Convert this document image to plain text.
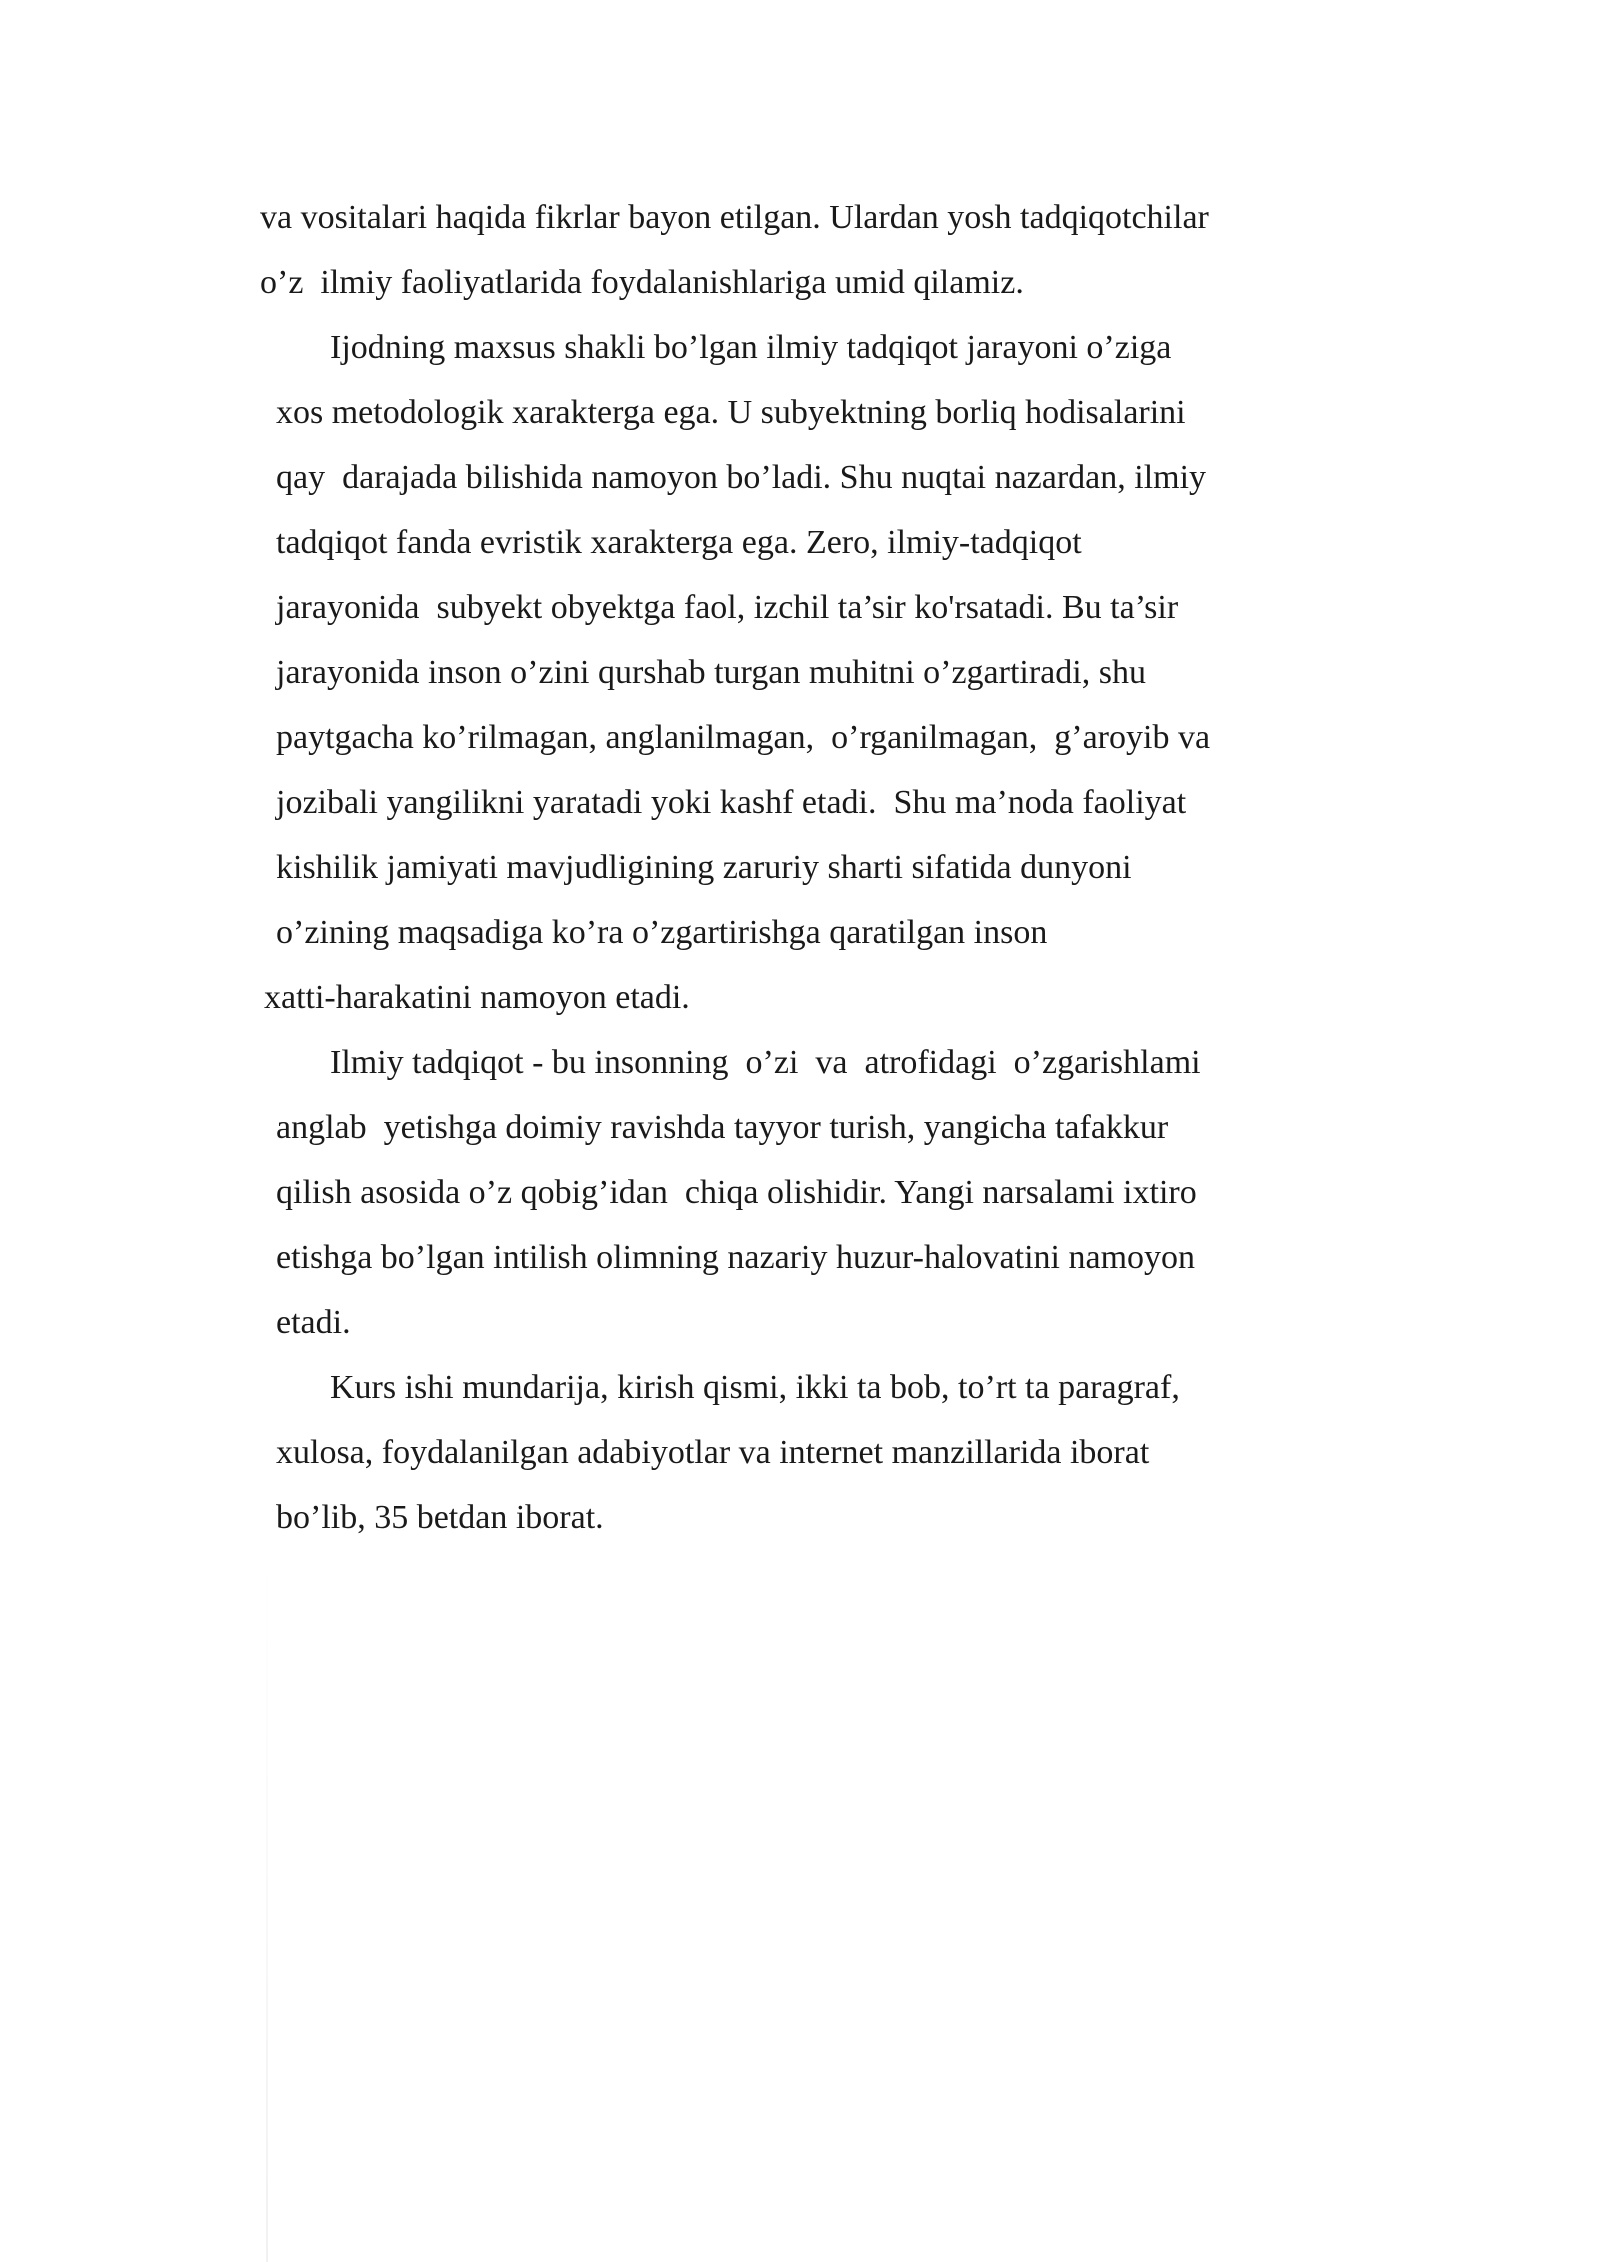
va vositalari haqida fikrlar bayon etilgan. Ulardan yosh tadqiqotchilar
o’z  ilmiy faoliyatlarida foydalanishlariga umid qilamiz.
Ijodning maxsus shakli bo’lgan ilmiy tadqiqot jarayoni o’ziga
xos metodologik xarakterga ega. U subyektning borliq hodisalarini
qay  darajada bilishida namoyon bo’ladi. Shu nuqtai nazardan, ilmiy
tadqiqot fanda evristik xarakterga ega. Zero, ilmiy-tadqiqot
jarayonida  subyekt obyektga faol, izchil ta’sir ko'rsatadi. Bu ta’sir
jarayonida inson o’zini qurshab turgan muhitni o’zgartiradi, shu
paytgacha ko’rilmagan, anglanilmagan,  o’rganilmagan,  g’aroyib va
jozibali yangilikni yaratadi yoki kashf etadi.  Shu ma’noda faoliyat
kishilik jamiyati mavjudligining zaruriy sharti sifatida dunyoni
o’zining maqsadiga ko’ra o’zgartirishga qaratilgan inson
xatti-harakatini namoyon etadi.
Ilmiy tadqiqot - bu insonning  o’zi  va  atrofidagi  o’zgarishlami
anglab  yetishga doimiy ravishda tayyor turish, yangicha tafakkur
qilish asosida o’z qobig’idan  chiqa olishidir. Yangi narsalami ixtiro
etishga bo’lgan intilish olimning nazariy huzur-halovatini namoyon
etadi.
Kurs ishi mundarija, kirish qismi, ikki ta bob, to’rt ta paragraf,
xulosa, foydalanilgan adabiyotlar va internet manzillarida iborat
bo’lib, 35 betdan iborat.
